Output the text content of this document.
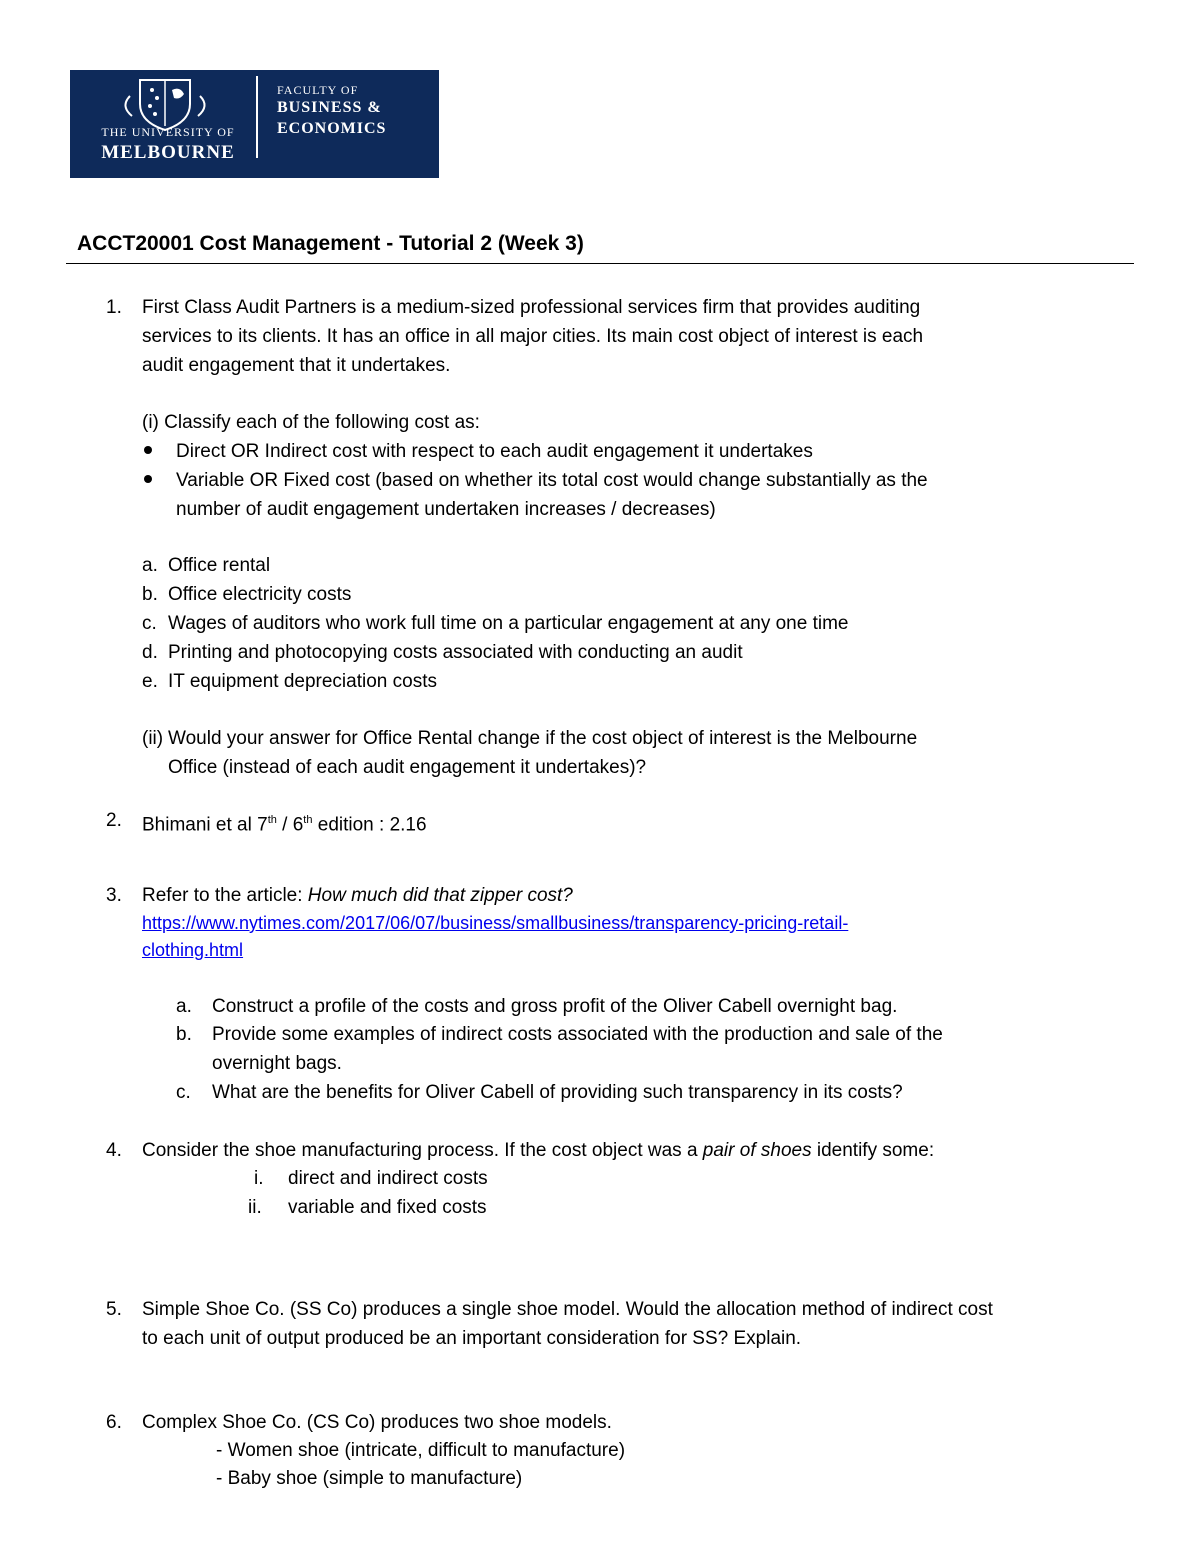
THE UNIVERSITY OF
MELBOURNE
FACULTY OF
BUSINESS &
ECONOMICS
ACCT20001 Cost Management - Tutorial 2 (Week 3)
1. First Class Audit Partners is a medium-sized professional services firm that provides auditing
services to its clients. It has an office in all major cities. Its main cost object of interest is each
audit engagement that it undertakes.
(i) Classify each of the following cost as:
Direct OR Indirect cost with respect to each audit engagement it undertakes
Variable OR Fixed cost (based on whether its total cost would change substantially as the
number of audit engagement undertaken increases / decreases)
a. Office rental
b. Office electricity costs
c. Wages of auditors who work full time on a particular engagement at any one time
d. Printing and photocopying costs associated with conducting an audit
e. IT equipment depreciation costs
(ii) Would your answer for Office Rental change if the cost object of interest is the Melbourne
Office (instead of each audit engagement it undertakes)?
2. Bhimani et al 7th / 6th edition : 2.16
3. Refer to the article: How much did that zipper cost?
https://www.nytimes.com/2017/06/07/business/smallbusiness/transparency-pricing-retail-
clothing.html
a. Construct a profile of the costs and gross profit of the Oliver Cabell overnight bag.
b. Provide some examples of indirect costs associated with the production and sale of the
overnight bags.
c. What are the benefits for Oliver Cabell of providing such transparency in its costs?
4. Consider the shoe manufacturing process. If the cost object was a pair of shoes identify some:
i. direct and indirect costs
ii. variable and fixed costs
5. Simple Shoe Co. (SS Co) produces a single shoe model. Would the allocation method of indirect cost
to each unit of output produced be an important consideration for SS? Explain.
6. Complex Shoe Co. (CS Co) produces two shoe models.
- Women shoe (intricate, difficult to manufacture)
- Baby shoe (simple to manufacture)
